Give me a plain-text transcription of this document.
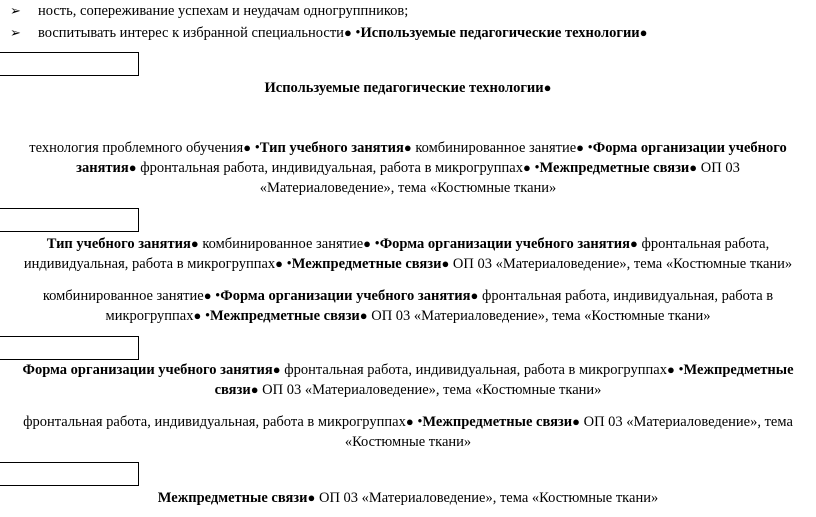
➢ ность, сопереживание успехам и неудачам одногруппников;
➢ воспитывать интерес к избранной специальности● •Используемые педагогические технологии●
Используемые педагогические технологии●
технология проблемного обучения● •Тип учебного занятия● комбинированное занятие● •Форма организации учебного занятия● фронтальная работа, индивидуальная, работа в микрогруппах● •Межпредметные связи● ОП 03 «Материаловедение», тема «Костюмные ткани»
Тип учебного занятия● комбинированное занятие● •Форма организации учебного занятия● фронтальная работа, индивидуальная, работа в микрогруппах● •Межпредметные связи● ОП 03 «Материаловедение», тема «Костюмные ткани»
комбинированное занятие● •Форма организации учебного занятия● фронтальная работа, индивидуальная, работа в микрогруппах● •Межпредметные связи● ОП 03 «Материаловедение», тема «Костюмные ткани»
Форма организации учебного занятия● фронтальная работа, индивидуальная, работа в микрогруппах● •Межпредметные связи● ОП 03 «Материаловедение», тема «Костюмные ткани»
фронтальная работа, индивидуальная, работа в микрогруппах● •Межпредметные связи● ОП 03 «Материаловедение», тема «Костюмные ткани»
Межпредметные связи● ОП 03 «Материаловедение», тема «Костюмные ткани»
